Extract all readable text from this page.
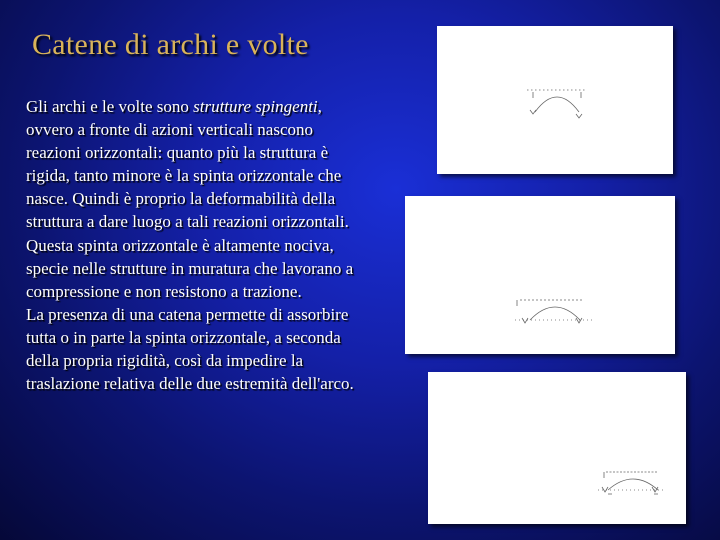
Catene di archi e volte

Gli archi e le volte sono strutture spingenti, ovvero a fronte di azioni verticali nascono reazioni orizzontali: quanto più la struttura è rigida, tanto minore è la spinta orizzontale che nasce. Quindi è proprio la deformabilità della struttura a dare luogo a tali reazioni orizzontali.

Questa spinta orizzontale è altamente nociva, specie nelle strutture in muratura che lavorano a compressione e non resistono a trazione.

La presenza di una catena permette di assorbire tutta o in parte la spinta orizzontale, a seconda della propria rigidità, così da impedire la traslazione relativa delle due estremità dell'arco.
